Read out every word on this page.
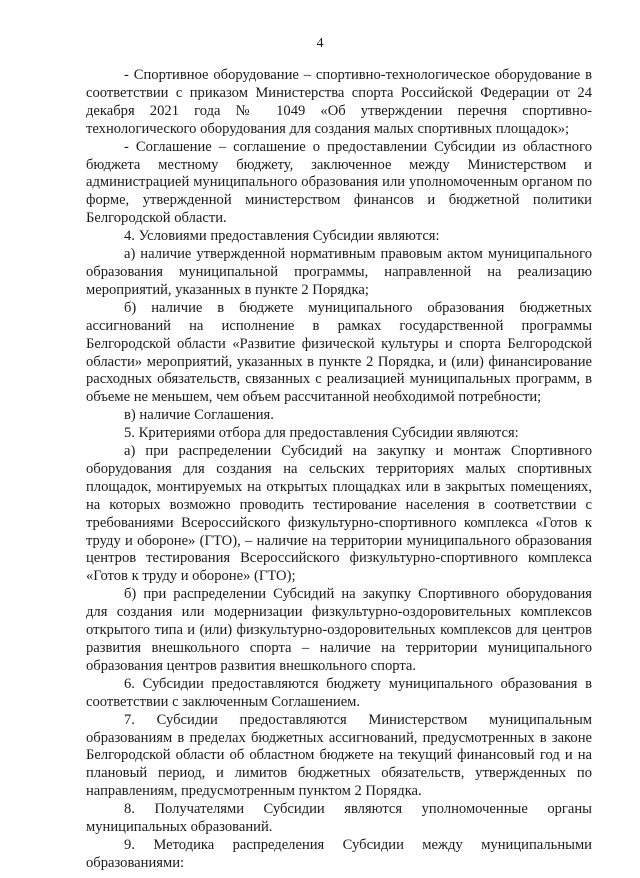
4

- Спортивное оборудование – спортивно-технологическое оборудование в соответствии с приказом Министерства спорта Российской Федерации от 24 декабря 2021 года № 1049 «Об утверждении перечня спортивно-технологического оборудования для создания малых спортивных площадок»;

- Соглашение – соглашение о предоставлении Субсидии из областного бюджета местному бюджету, заключенное между Министерством и администрацией муниципального образования или уполномоченным органом по форме, утвержденной министерством финансов и бюджетной политики Белгородской области.

4. Условиями предоставления Субсидии являются:

а) наличие утвержденной нормативным правовым актом муниципального образования муниципальной программы, направленной на реализацию мероприятий, указанных в пункте 2 Порядка;

б) наличие в бюджете муниципального образования бюджетных ассигнований на исполнение в рамках государственной программы Белгородской области «Развитие физической культуры и спорта Белгородской области» мероприятий, указанных в пункте 2 Порядка, и (или) финансирование расходных обязательств, связанных с реализацией муниципальных программ, в объеме не меньшем, чем объем рассчитанной необходимой потребности;

в) наличие Соглашения.

5. Критериями отбора для предоставления Субсидии являются:

а) при распределении Субсидий на закупку и монтаж Спортивного оборудования для создания на сельских территориях малых спортивных площадок, монтируемых на открытых площадках или в закрытых помещениях, на которых возможно проводить тестирование населения в соответствии с требованиями Всероссийского физкультурно-спортивного комплекса «Готов к труду и обороне» (ГТО), – наличие на территории муниципального образования центров тестирования Всероссийского физкультурно-спортивного комплекса «Готов к труду и обороне» (ГТО);

б) при распределении Субсидий на закупку Спортивного оборудования для создания или модернизации физкультурно-оздоровительных комплексов открытого типа и (или) физкультурно-оздоровительных комплексов для центров развития внешкольного спорта – наличие на территории муниципального образования центров развития внешкольного спорта.

6. Субсидии предоставляются бюджету муниципального образования в соответствии с заключенным Соглашением.

7. Субсидии предоставляются Министерством муниципальным образованиям в пределах бюджетных ассигнований, предусмотренных в законе Белгородской области об областном бюджете на текущий финансовый год и на плановый период, и лимитов бюджетных обязательств, утвержденных по направлениям, предусмотренным пунктом 2 Порядка.

8. Получателями Субсидии являются уполномоченные органы муниципальных образований.

9. Методика распределения Субсидии между муниципальными образованиями:
